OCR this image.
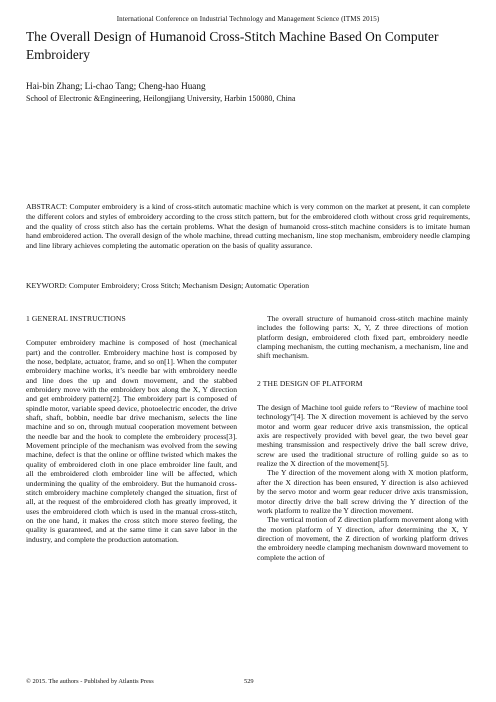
International Conference on Industrial Technology and Management Science (ITMS 2015)
The Overall Design of Humanoid Cross-Stitch Machine Based On Computer Embroidery
Hai-bin Zhang; Li-chao Tang; Cheng-hao Huang
School of Electronic &Engineering, Heilongjiang University, Harbin 150080, China
ABSTRACT: Computer embroidery is a kind of cross-stitch automatic machine which is very common on the market at present, it can complete the different colors and styles of embroidery according to the cross stitch pattern, but for the embroidered cloth without cross grid requirements, and the quality of cross stitch also has the certain problems. What the design of humanoid cross-stitch machine considers is to imitate human hand embroidered action. The overall design of the whole machine, thread cutting mechanism, line stop mechanism, embroidery needle clamping and line library achieves completing the automatic operation on the basis of quality assurance.
KEYWORD: Computer Embroidery; Cross Stitch; Mechanism Design; Automatic Operation
1 GENERAL INSTRUCTIONS

Computer embroidery machine is composed of host (mechanical part) and the controller. Embroidery machine host is composed by the nose, bedplate, actuator, frame, and so on[1]. When the computer embroidery machine works, it’s needle bar with embroidery needle and line does the up and down movement, and the stabbed embroidery move with the embroidery box along the X, Y direction and get embroidery pattern[2]. The embroidery part is composed of spindle motor, variable speed device, photoelectric encoder, the drive shaft, shaft, bobbin, needle bar drive mechanism, selects the line machine and so on, through mutual cooperation movement between the needle bar and the hook to complete the embroidery process[3]. Movement principle of the mechanism was evolved from the sewing machine, defect is that the online or offline twisted which makes the quality of embroidered cloth in one place embroider line fault, and all the embroidered cloth embroider line will be affected, which undermining the quality of the embroidery. But the humanoid cross-stitch embroidery machine completely changed the situation, first of all, at the request of the embroidered cloth has greatly improved, it uses the embroidered cloth which is used in the manual cross-stitch, on the one hand, it makes the cross stitch more stereo feeling, the quality is guaranteed, and at the same time it can save labor in the industry, and complete the production automation.

The overall structure of humanoid cross-stitch machine mainly includes the following parts: X, Y, Z three directions of motion platform design, embroidered cloth fixed part, embroidery needle clamping mechanism, the cutting mechanism, a mechanism, line and shift mechanism.

2 THE DESIGN OF PLATFORM

The design of Machine tool guide refers to “Review of machine tool technology”[4]. The X direction movement is achieved by the servo motor and worm gear reducer drive axis transmission, the optical axis are respectively provided with bevel gear, the two bevel gear meshing transmission and respectively drive the ball screw drive, screw are used the traditional structure of rolling guide so as to realize the X direction of the movement[5].

The Y direction of the movement along with X motion platform, after the X direction has been ensured, Y direction is also achieved by the servo motor and worm gear reducer drive axis transmission, motor directly drive the ball screw driving the Y direction of the work platform to realize the Y direction movement.

The vertical motion of Z direction platform movement along with the motion platform of Y direction, after determining the X, Y direction of movement, the Z direction of working platform drives the embroidery needle clamping mechanism downward movement to complete the action of

© 2015. The authors - Published by Atlantis Press	529
